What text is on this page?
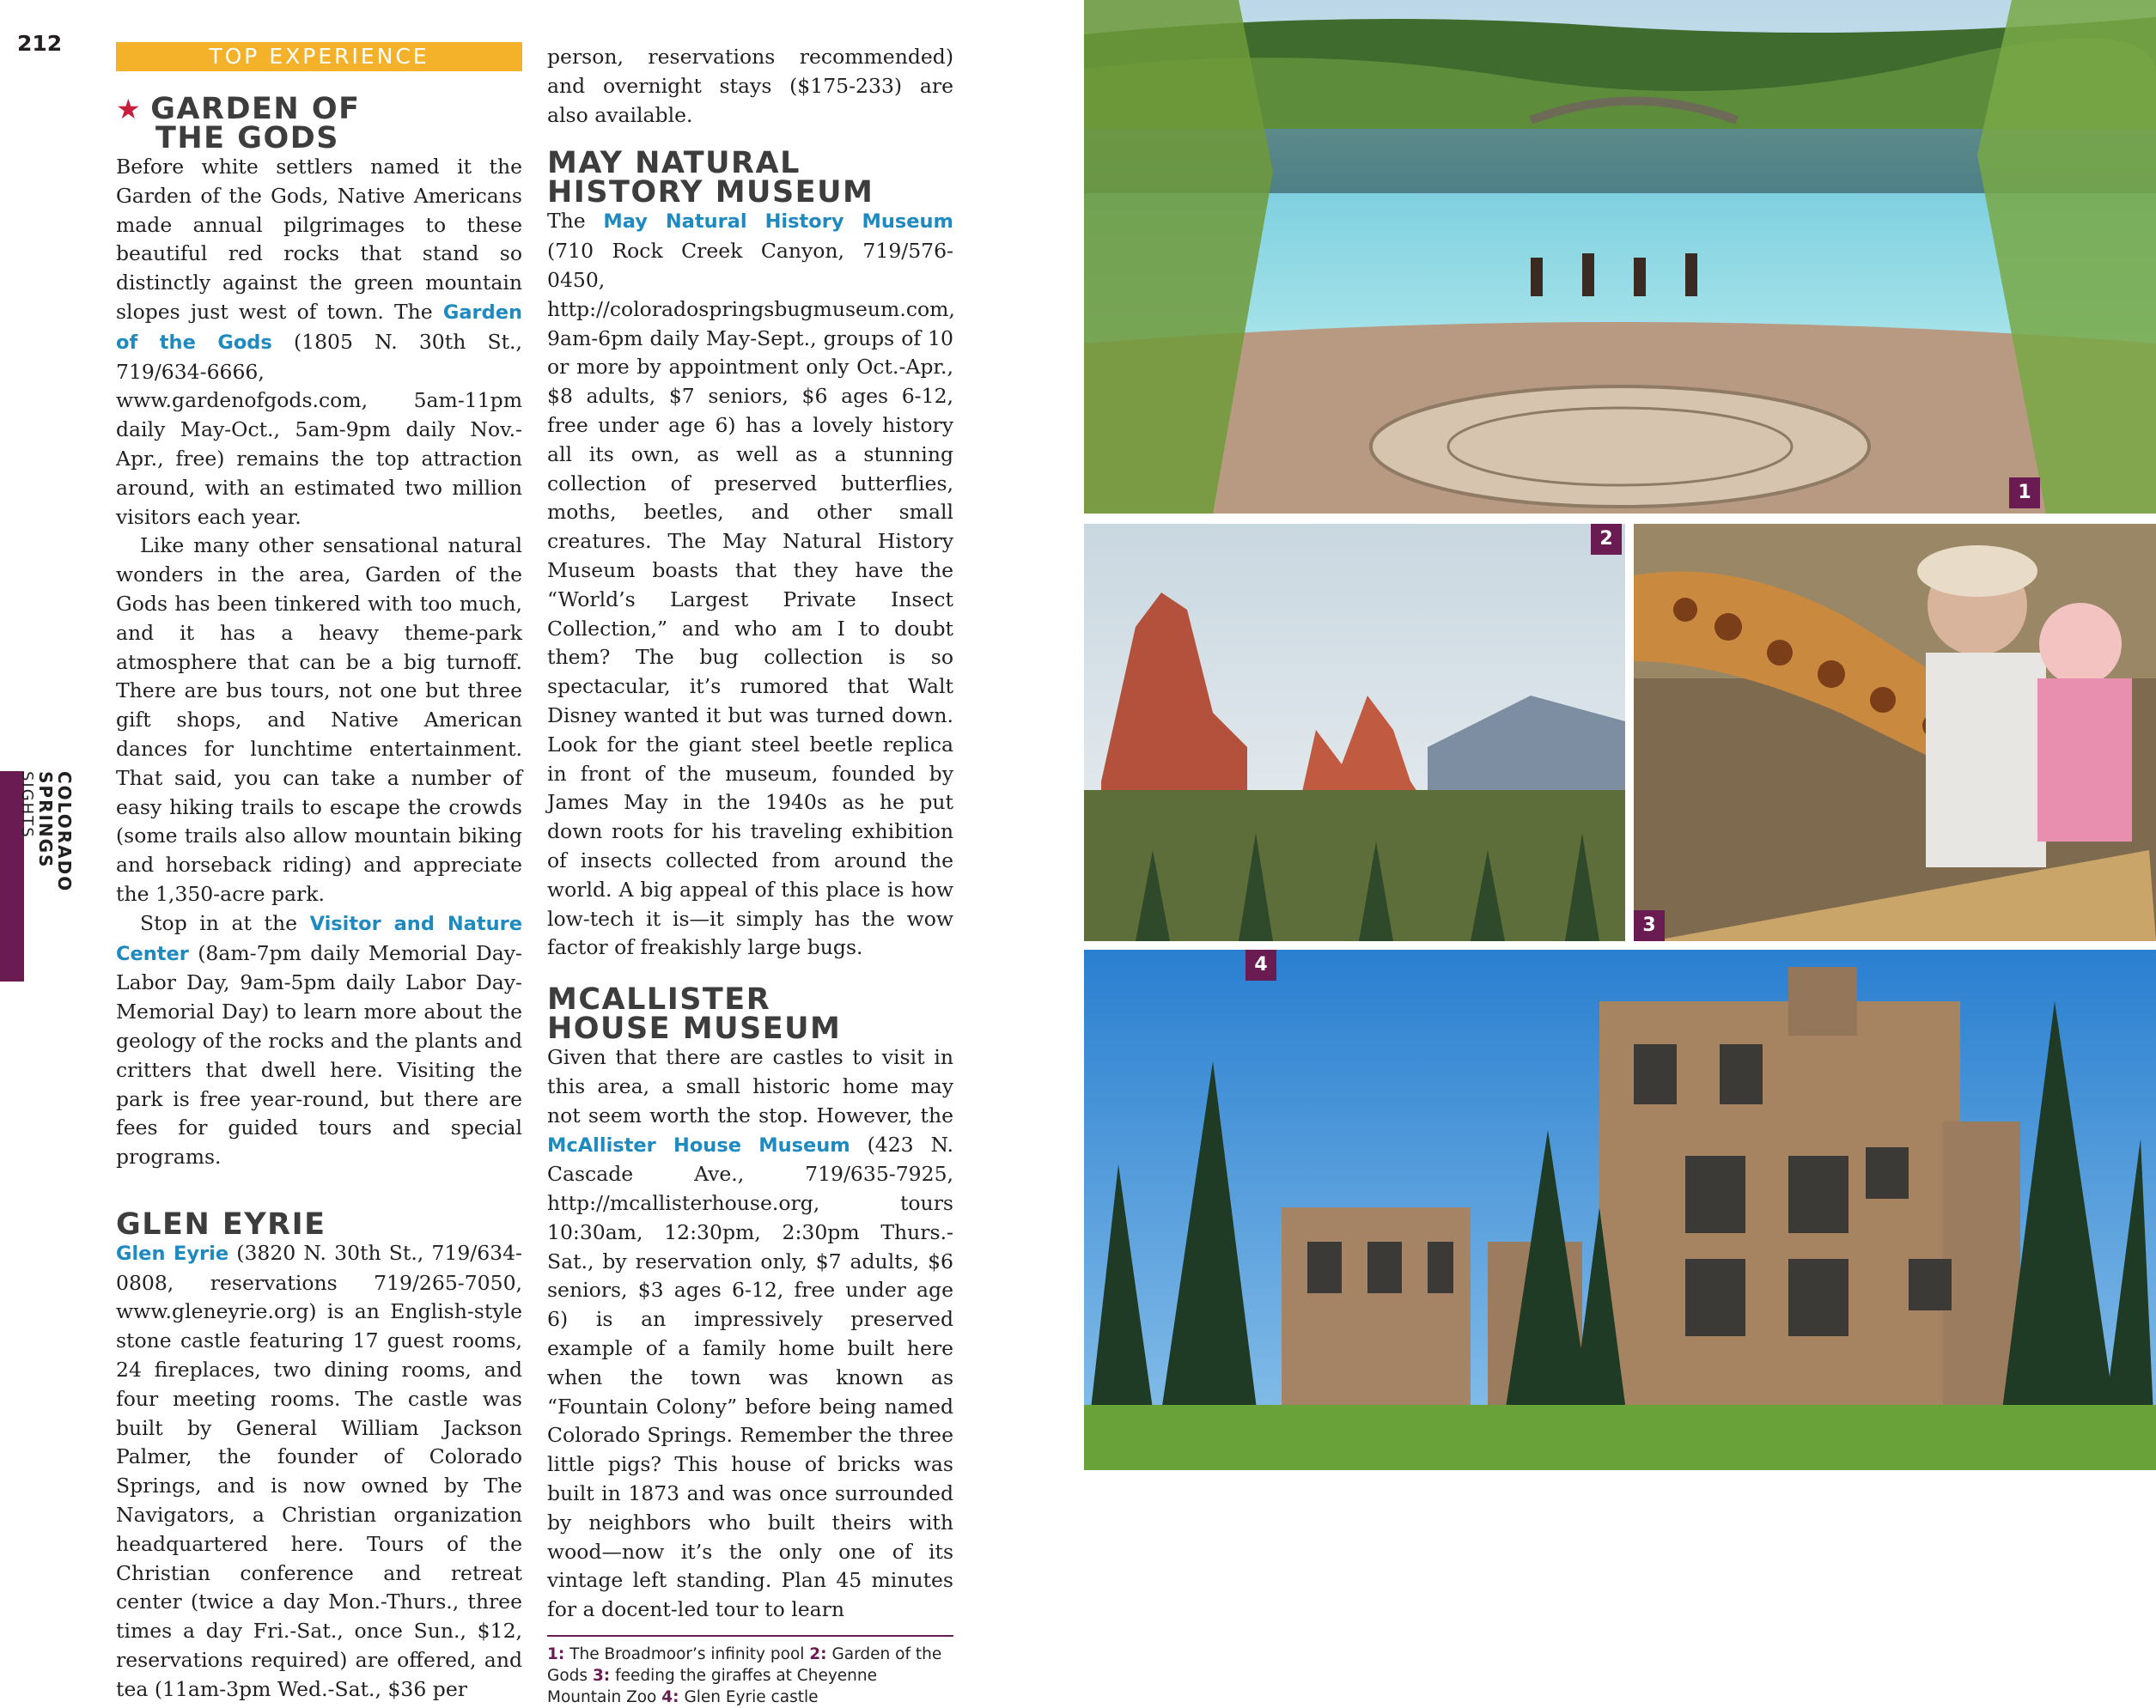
212
COLORADO SPRINGS
SIGHTS
TOP EXPERIENCE
★ GARDEN OF
THE GODS

Before white settlers named it the Garden of the Gods, Native Americans made annual pilgrimages to these beautiful red rocks that stand so distinctly against the green mountain slopes just west of town. The Garden of the Gods (1805 N. 30th St., 719/634-6666, www.gardenofgods.com, 5am-11pm daily May-Oct., 5am-9pm daily Nov.-Apr., free) remains the top attraction around, with an estimated two million visitors each year.

Like many other sensational natural wonders in the area, Garden of the Gods has been tinkered with too much, and it has a heavy theme-park atmosphere that can be a big turnoff. There are bus tours, not one but three gift shops, and Native American dances for lunchtime entertainment. That said, you can take a number of easy hiking trails to escape the crowds (some trails also allow mountain biking and horseback riding) and appreciate the 1,350-acre park.

Stop in at the Visitor and Nature Center (8am-7pm daily Memorial Day-Labor Day, 9am-5pm daily Labor Day-Memorial Day) to learn more about the geology of the rocks and the plants and critters that dwell here. Visiting the park is free year-round, but there are fees for guided tours and special programs.

GLEN EYRIE

Glen Eyrie (3820 N. 30th St., 719/634-0808, reservations 719/265-7050, www.gleneyrie.org) is an English-style stone castle featuring 17 guest rooms, 24 fireplaces, two dining rooms, and four meeting rooms. The castle was built by General William Jackson Palmer, the founder of Colorado Springs, and is now owned by The Navigators, a Christian organization headquartered here. Tours of the Christian conference and retreat center (twice a day Mon.-Thurs., three times a day Fri.-Sat., once Sun., $12, reservations required) are offered, and tea (11am-3pm Wed.-Sat., $36 per

person, reservations recommended) and overnight stays ($175-233) are also available.

MAY NATURAL
HISTORY MUSEUM

The May Natural History Museum (710 Rock Creek Canyon, 719/576-0450, http://coloradospringsbugmuseum.com, 9am-6pm daily May-Sept., groups of 10 or more by appointment only Oct.-Apr., $8 adults, $7 seniors, $6 ages 6-12, free under age 6) has a lovely history all its own, as well as a stunning collection of preserved butterflies, moths, beetles, and other small creatures. The May Natural History Museum boasts that they have the “World’s Largest Private Insect Collection,” and who am I to doubt them? The bug collection is so spectacular, it’s rumored that Walt Disney wanted it but was turned down. Look for the giant steel beetle replica in front of the museum, founded by James May in the 1940s as he put down roots for his traveling exhibition of insects collected from around the world. A big appeal of this place is how low-tech it is—it simply has the wow factor of freakishly large bugs.

MCALLISTER
HOUSE MUSEUM

Given that there are castles to visit in this area, a small historic home may not seem worth the stop. However, the McAllister House Museum (423 N. Cascade Ave., 719/635-7925, http://mcallisterhouse.org, tours 10:30am, 12:30pm, 2:30pm Thurs.-Sat., by reservation only, $7 adults, $6 seniors, $3 ages 6-12, free under age 6) is an impressively preserved example of a family home built here when the town was known as “Fountain Colony” before being named Colorado Springs. Remember the three little pigs? This house of bricks was built in 1873 and was once surrounded by neighbors who built theirs with wood—now it’s the only one of its vintage left standing. Plan 45 minutes for a docent-led tour to learn

1: The Broadmoor’s infinity pool 2: Garden of the Gods 3: feeding the giraffes at Cheyenne Mountain Zoo 4: Glen Eyrie castle
1
2
3
4
